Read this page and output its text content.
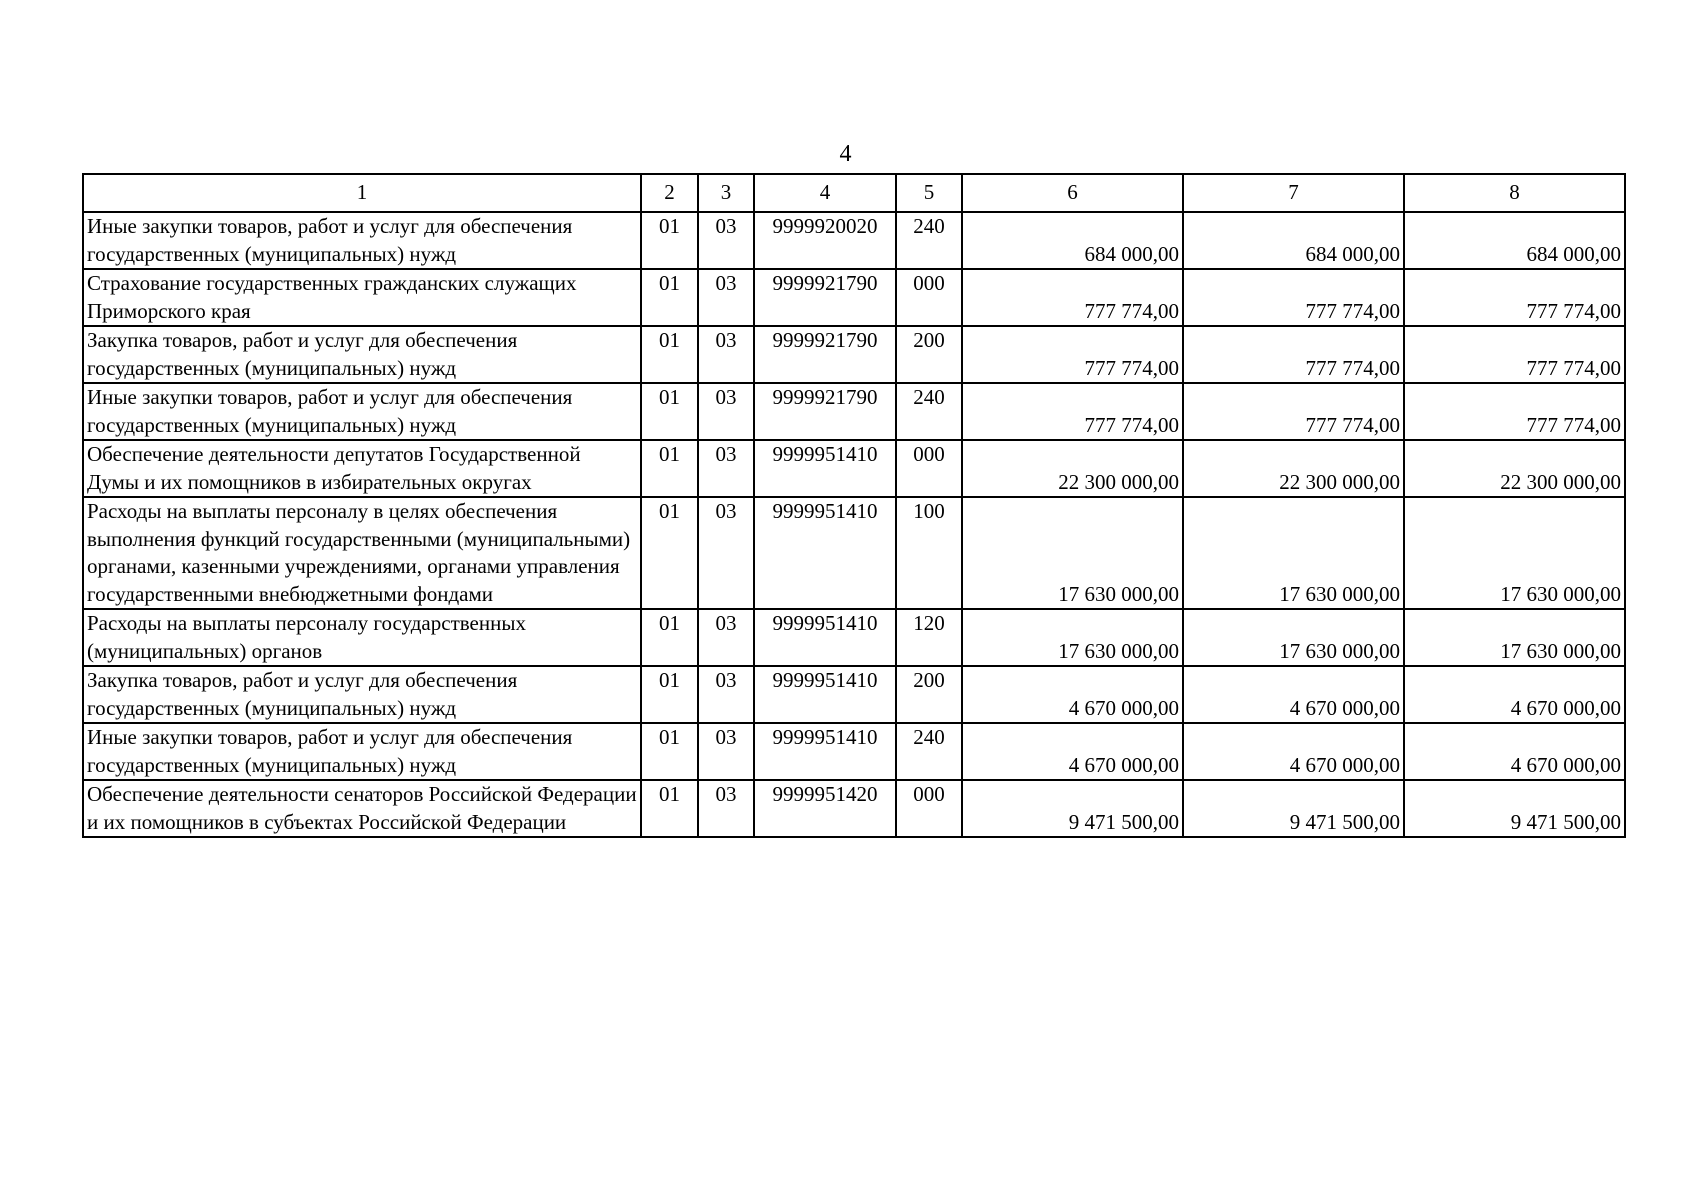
4
1	2	3	4	5	6	7	8
Иные закупки товаров, работ и услуг для обеспечения государственных (муниципальных) нужд	01	03	9999920020	240	684 000,00	684 000,00	684 000,00
Страхование государственных гражданских служащих Приморского края	01	03	9999921790	000	777 774,00	777 774,00	777 774,00
Закупка товаров, работ и услуг для обеспечения государственных (муниципальных) нужд	01	03	9999921790	200	777 774,00	777 774,00	777 774,00
Иные закупки товаров, работ и услуг для обеспечения государственных (муниципальных) нужд	01	03	9999921790	240	777 774,00	777 774,00	777 774,00
Обеспечение деятельности депутатов Государственной Думы и их помощников в избирательных округах	01	03	9999951410	000	22 300 000,00	22 300 000,00	22 300 000,00
Расходы на выплаты персоналу в целях обеспечения выполнения функций государственными (муниципальными) органами, казенными учреждениями, органами управления государственными внебюджетными фондами	01	03	9999951410	100	17 630 000,00	17 630 000,00	17 630 000,00
Расходы на выплаты персоналу государственных (муниципальных) органов	01	03	9999951410	120	17 630 000,00	17 630 000,00	17 630 000,00
Закупка товаров, работ и услуг для обеспечения государственных (муниципальных) нужд	01	03	9999951410	200	4 670 000,00	4 670 000,00	4 670 000,00
Иные закупки товаров, работ и услуг для обеспечения государственных (муниципальных) нужд	01	03	9999951410	240	4 670 000,00	4 670 000,00	4 670 000,00
Обеспечение деятельности сенаторов Российской Федерации и их помощников в субъектах Российской Федерации	01	03	9999951420	000	9 471 500,00	9 471 500,00	9 471 500,00
